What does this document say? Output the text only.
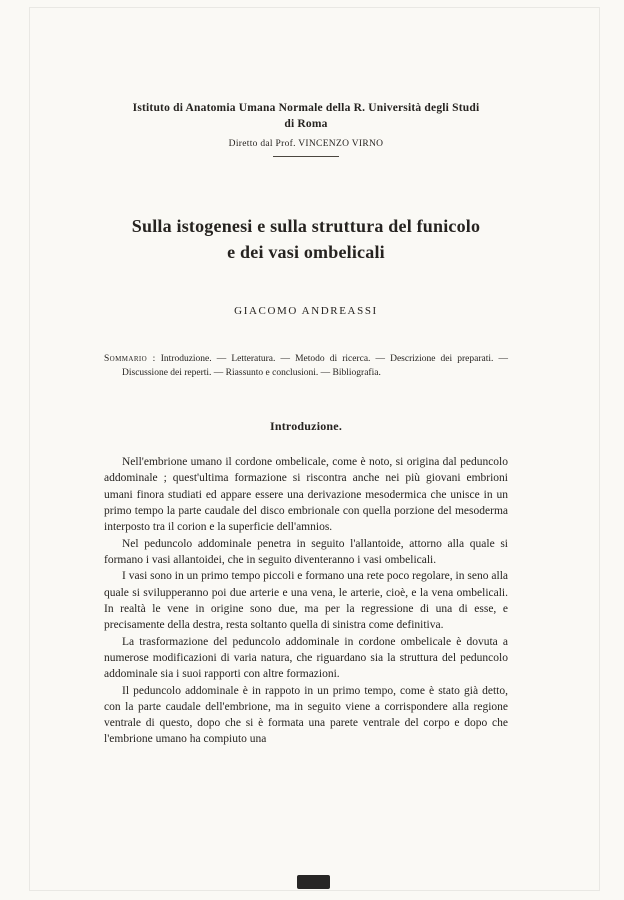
Istituto di Anatomia Umana Normale della R. Università degli Studi
di Roma
Diretto dal Prof. VINCENZO VIRNO
Sulla istogenesi e sulla struttura del funicolo
e dei vasi ombelicali
GIACOMO ANDREASSI
Sommario : Introduzione. — Letteratura. — Metodo di ricerca. — Descrizione dei preparati. — Discussione dei reperti. — Riassunto e conclusioni. — Bibliografia.
Introduzione.

Nell'embrione umano il cordone ombelicale, come è noto, si origina dal peduncolo addominale ; quest'ultima formazione si riscontra anche nei più giovani embrioni umani finora studiati ed appare essere una derivazione mesodermica che unisce in un primo tempo la parte caudale del disco embrionale con quella porzione del mesoderma interposto tra il corion e la superficie dell'amnios.

Nel peduncolo addominale penetra in seguito l'allantoide, attorno alla quale si formano i vasi allantoidei, che in seguito diventeranno i vasi ombelicali.

I vasi sono in un primo tempo piccoli e formano una rete poco regolare, in seno alla quale si svilupperanno poi due arterie e una vena, le arterie, cioè, e la vena ombelicali. In realtà le vene in origine sono due, ma per la regressione di una di esse, e precisamente della destra, resta soltanto quella di sinistra come definitiva.

La trasformazione del peduncolo addominale in cordone ombelicale è dovuta a numerose modificazioni di varia natura, che riguardano sia la struttura del peduncolo addominale sia i suoi rapporti con altre formazioni.

Il peduncolo addominale è in rappoto in un primo tempo, come è stato già detto, con la parte caudale dell'embrione, ma in seguito viene a corrispondere alla regione ventrale di questo, dopo che si è formata una parete ventrale del corpo e dopo che l'embrione umano ha compiuto una
